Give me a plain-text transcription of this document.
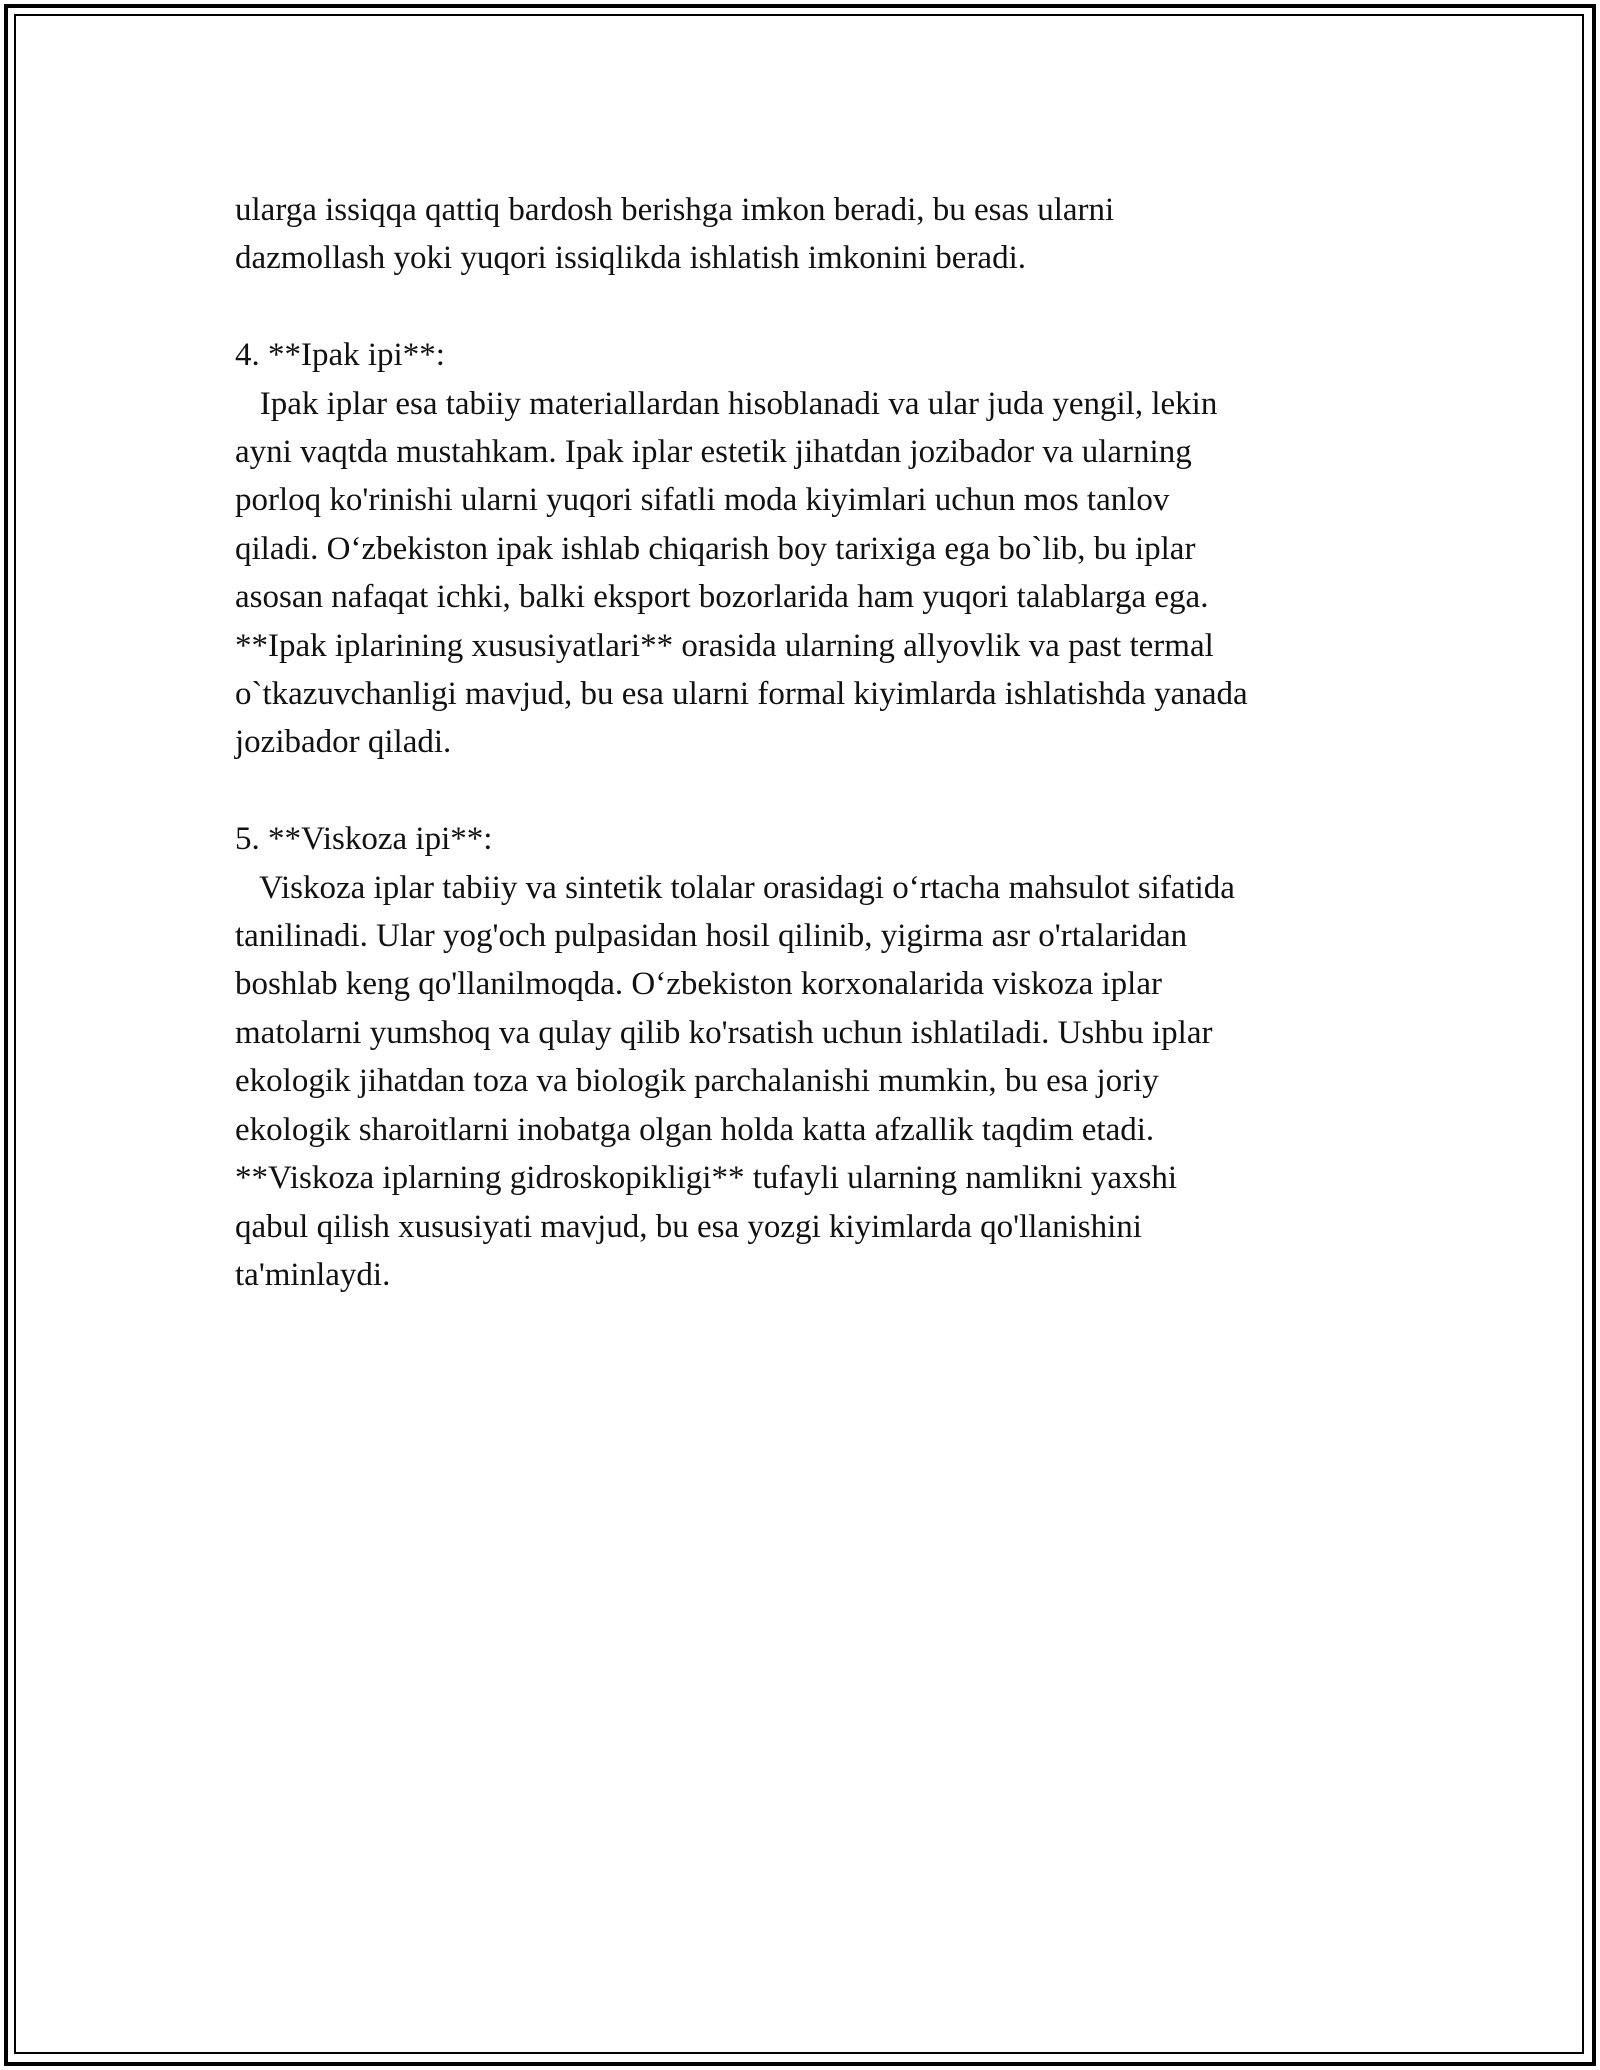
ularga issiqqa qattiq bardosh berishga imkon beradi, bu esas ularni
dazmollash yoki yuqori issiqlikda ishlatish imkonini beradi.
4. **Ipak ipi**:
Ipak iplar esa tabiiy materiallardan hisoblanadi va ular juda yengil, lekin
ayni vaqtda mustahkam. Ipak iplar estetik jihatdan jozibador va ularning
porloq ko'rinishi ularni yuqori sifatli moda kiyimlari uchun mos tanlov
qiladi. O‘zbekiston ipak ishlab chiqarish boy tarixiga ega bo`lib, bu iplar
asosan nafaqat ichki, balki eksport bozorlarida ham yuqori talablarga ega.
**Ipak iplarining xususiyatlari** orasida ularning allyovlik va past termal
o`tkazuvchanligi mavjud, bu esa ularni formal kiyimlarda ishlatishda yanada
jozibador qiladi.
5. **Viskoza ipi**:
Viskoza iplar tabiiy va sintetik tolalar orasidagi o‘rtacha mahsulot sifatida
tanilinadi. Ular yog'och pulpasidan hosil qilinib, yigirma asr o'rtalaridan
boshlab keng qo'llanilmoqda. O‘zbekiston korxonalarida viskoza iplar
matolarni yumshoq va qulay qilib ko'rsatish uchun ishlatiladi. Ushbu iplar
ekologik jihatdan toza va biologik parchalanishi mumkin, bu esa joriy
ekologik sharoitlarni inobatga olgan holda katta afzallik taqdim etadi.
**Viskoza iplarning gidroskopikligi** tufayli ularning namlikni yaxshi
qabul qilish xususiyati mavjud, bu esa yozgi kiyimlarda qo'llanishini
ta'minlaydi.
